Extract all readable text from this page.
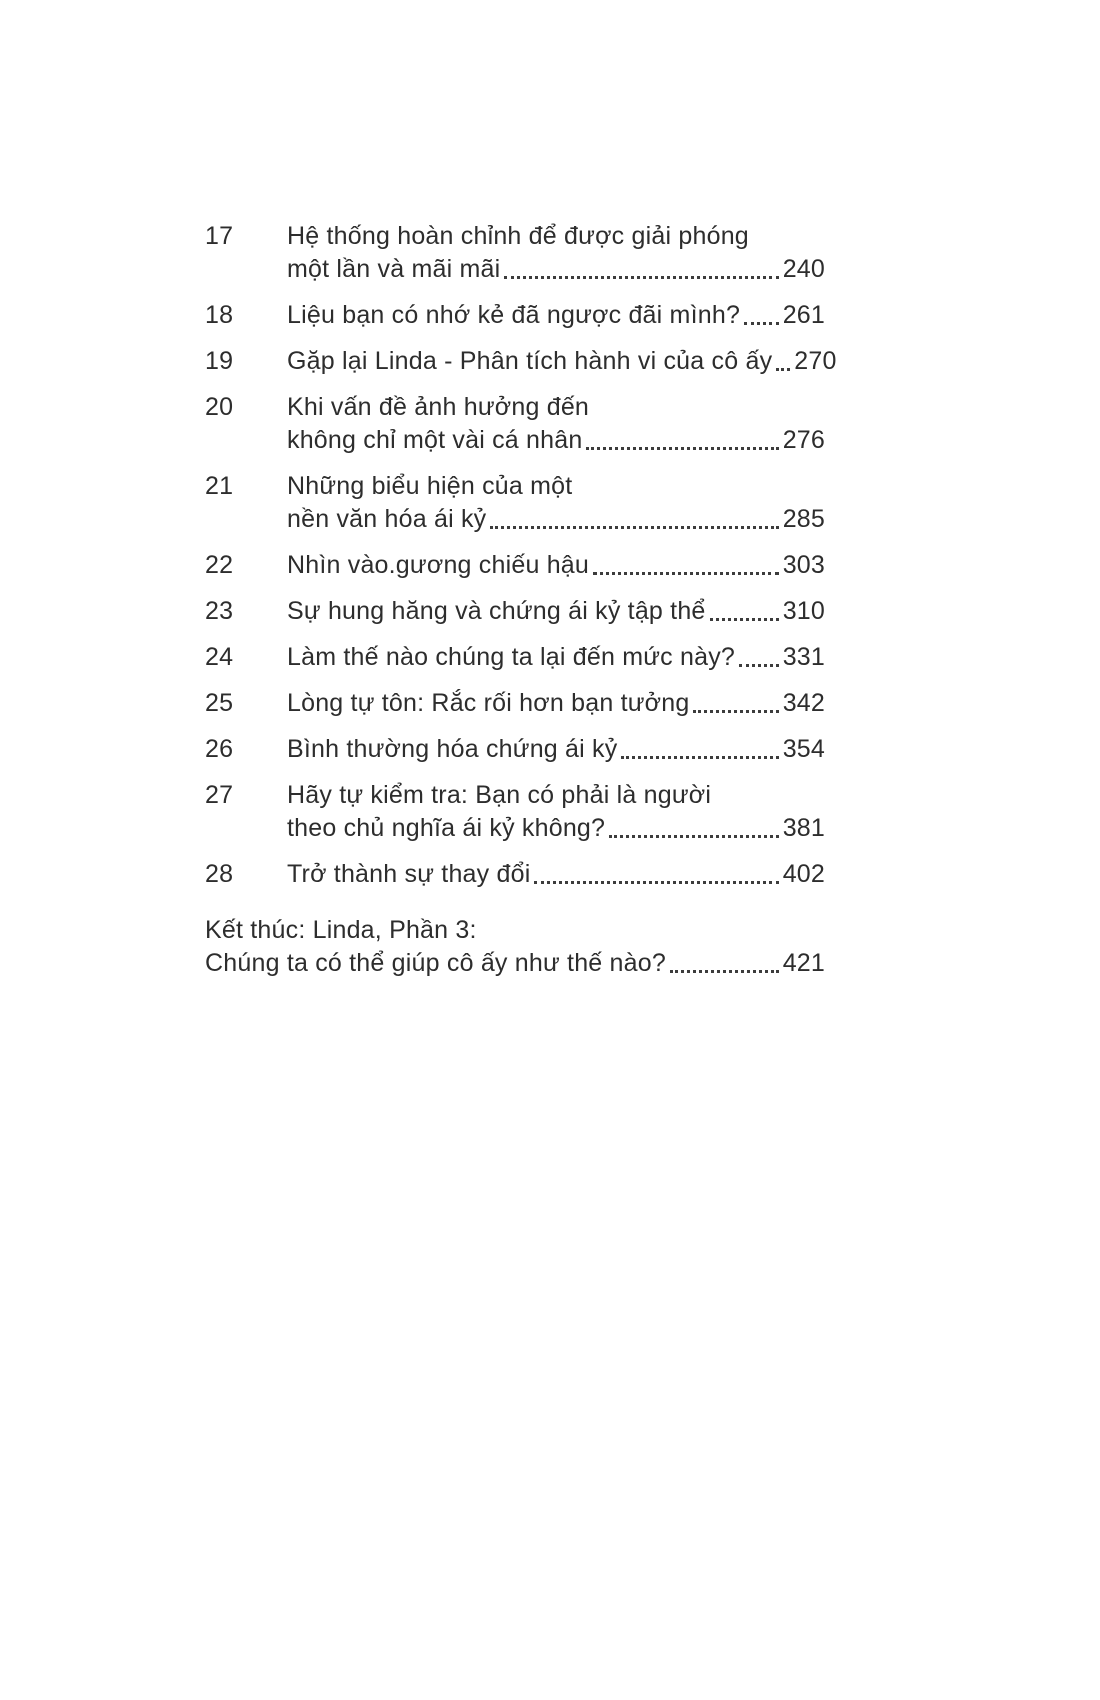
17	Hệ thống hoàn chỉnh để được giải phóng
một lần và mãi mãi	240
18	Liệu bạn có nhớ kẻ đã ngược đãi mình? 261
19	Gặp lại Linda - Phân tích hành vi của cô ấy 270
20	Khi vấn đề ảnh hưởng đến
không chỉ một vài cá nhân	276
21	Những biểu hiện của một
nền văn hóa ái kỷ	285
22	Nhìn vào.gương chiếu hậu	303
23	Sự hung hăng và chứng ái kỷ tập thể	310
24	Làm thế nào chúng ta lại đến mức này? 331
25	Lòng tự tôn: Rắc rối hơn bạn tưởng	342
26	Bình thường hóa chứng ái kỷ	354
27	Hãy tự kiểm tra: Bạn có phải là người
theo chủ nghĩa ái kỷ không?	381
28	Trở thành sự thay đổi	402
Kết thúc: Linda, Phần 3:
Chúng ta có thể giúp cô ấy như thế nào?	421
